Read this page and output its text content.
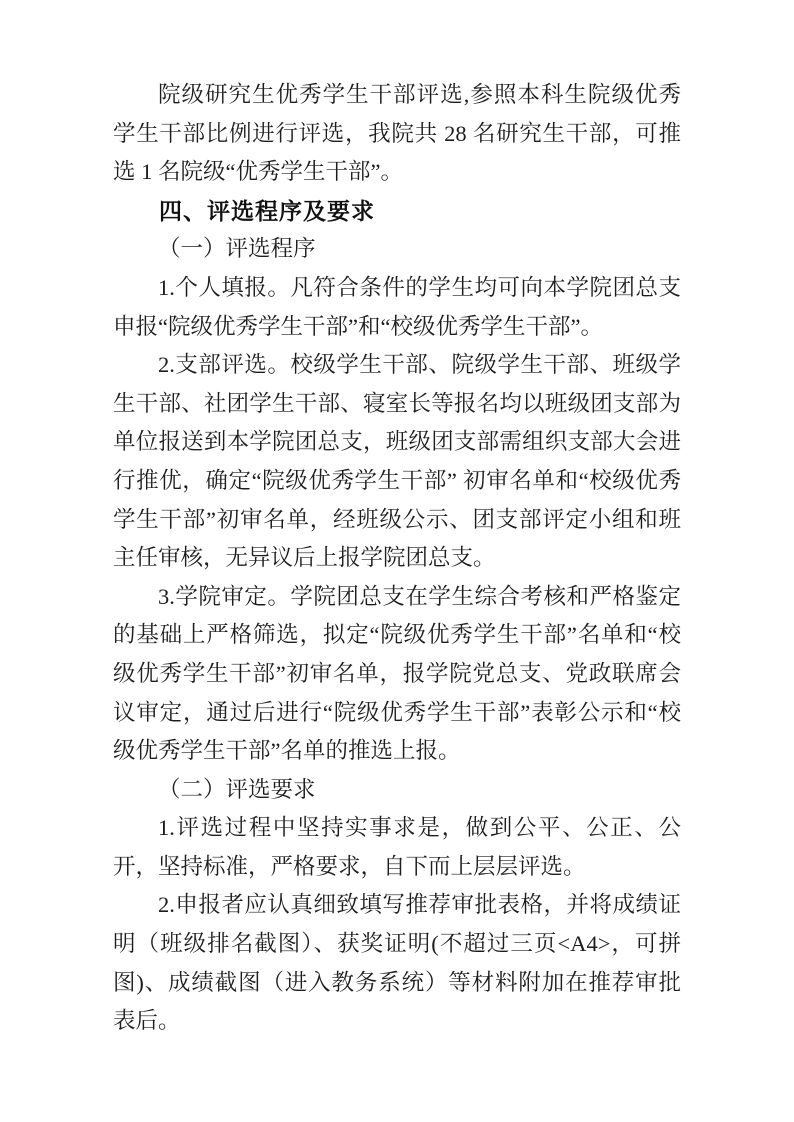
院级研究生优秀学生干部评选,参照本科生院级优秀学生干部比例进行评选，我院共 28 名研究生干部，可推选 1 名院级“优秀学生干部”。

四、评选程序及要求

（一）评选程序

1.个人填报。凡符合条件的学生均可向本学院团总支申报“院级优秀学生干部”和“校级优秀学生干部”。

2.支部评选。校级学生干部、院级学生干部、班级学生干部、社团学生干部、寝室长等报名均以班级团支部为单位报送到本学院团总支，班级团支部需组织支部大会进行推优，确定“院级优秀学生干部” 初审名单和“校级优秀学生干部”初审名单，经班级公示、团支部评定小组和班主任审核，无异议后上报学院团总支。

3.学院审定。学院团总支在学生综合考核和严格鉴定的基础上严格筛选，拟定“院级优秀学生干部”名单和“校级优秀学生干部”初审名单，报学院党总支、党政联席会议审定，通过后进行“院级优秀学生干部”表彰公示和“校级优秀学生干部”名单的推选上报。

（二）评选要求

1.评选过程中坚持实事求是，做到公平、公正、公开，坚持标准，严格要求，自下而上层层评选。

2.申报者应认真细致填写推荐审批表格，并将成绩证明（班级排名截图）、获奖证明(不超过三页<A4>，可拼图)、成绩截图（进入教务系统）等材料附加在推荐审批表后。
